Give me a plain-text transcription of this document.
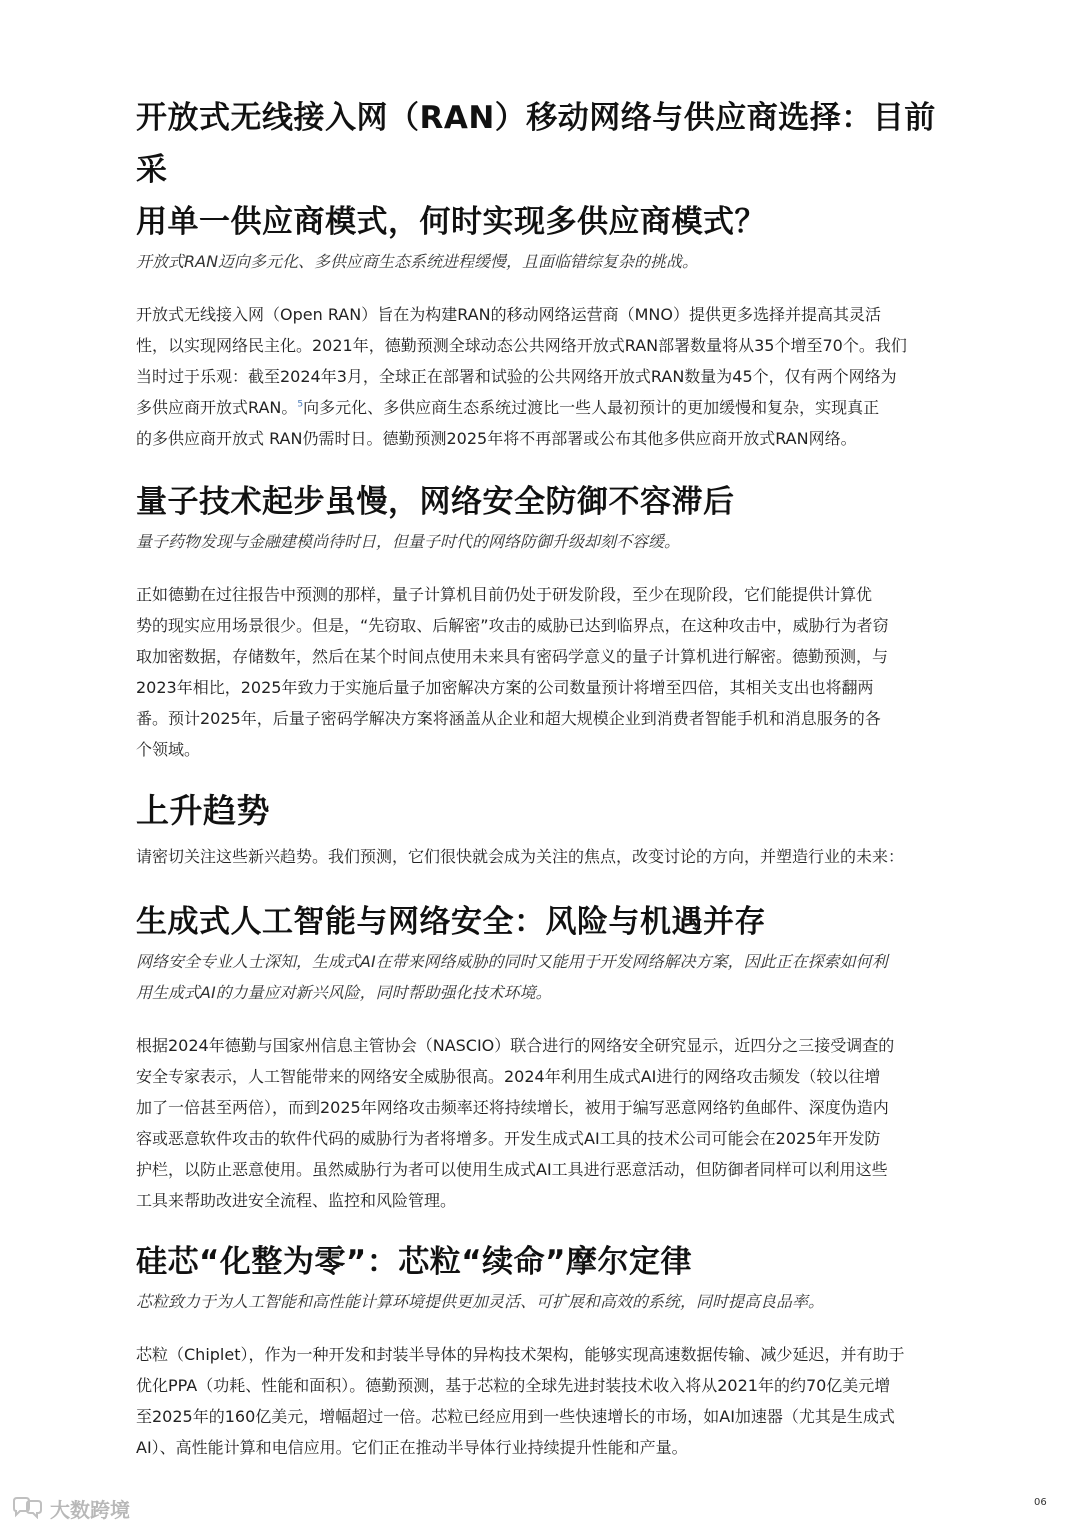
开放式无线接入网（RAN）移动网络与供应商选择：目前采
用单一供应商模式，何时实现多供应商模式？

开放式RAN迈向多元化、多供应商生态系统进程缓慢，且面临错综复杂的挑战。

开放式无线接入网（Open RAN）旨在为构建RAN的移动网络运营商（MNO）提供更多选择并提高其灵活
性，以实现网络民主化。2021年，德勤预测全球动态公共网络开放式RAN部署数量将从35个增至70个。我们
当时过于乐观：截至2024年3月，全球正在部署和试验的公共网络开放式RAN数量为45个，仅有两个网络为
多供应商开放式RAN。$^5$向多元化、多供应商生态系统过渡比一些人最初预计的更加缓慢和复杂，实现真正
的多供应商开放式 RAN仍需时日。德勤预测2025年将不再部署或公布其他多供应商开放式RAN网络。

量子技术起步虽慢，网络安全防御不容滞后

量子药物发现与金融建模尚待时日，但量子时代的网络防御升级却刻不容缓。

正如德勤在过往报告中预测的那样，量子计算机目前仍处于研发阶段，至少在现阶段，它们能提供计算优
势的现实应用场景很少。但是，“先窃取、后解密”攻击的威胁已达到临界点，在这种攻击中，威胁行为者窃
取加密数据，存储数年，然后在某个时间点使用未来具有密码学意义的量子计算机进行解密。德勤预测，与
2023年相比，2025年致力于实施后量子加密解决方案的公司数量预计将增至四倍，其相关支出也将翻两
番。预计2025年，后量子密码学解决方案将涵盖从企业和超大规模企业到消费者智能手机和消息服务的各
个领域。

上升趋势

请密切关注这些新兴趋势。我们预测，它们很快就会成为关注的焦点，改变讨论的方向，并塑造行业的未来：

生成式人工智能与网络安全：风险与机遇并存

网络安全专业人士深知，生成式AI在带来网络威胁的同时又能用于开发网络解决方案，因此正在探索如何利
用生成式AI的力量应对新兴风险，同时帮助强化技术环境。

根据2024年德勤与国家州信息主管协会（NASCIO）联合进行的网络安全研究显示，近四分之三接受调查的
安全专家表示，人工智能带来的网络安全威胁很高。2024年利用生成式AI进行的网络攻击频发（较以往增
加了一倍甚至两倍），而到2025年网络攻击频率还将持续增长，被用于编写恶意网络钓鱼邮件、深度伪造内
容或恶意软件攻击的软件代码的威胁行为者将增多。开发生成式AI工具的技术公司可能会在2025年开发防
护栏，以防止恶意使用。虽然威胁行为者可以使用生成式AI工具进行恶意活动，但防御者同样可以利用这些
工具来帮助改进安全流程、监控和风险管理。

硅芯“化整为零”：芯粒“续命”摩尔定律

芯粒致力于为人工智能和高性能计算环境提供更加灵活、可扩展和高效的系统，同时提高良品率。

芯粒（Chiplet），作为一种开发和封装半导体的异构技术架构，能够实现高速数据传输、减少延迟，并有助于
优化PPA（功耗、性能和面积）。德勤预测，基于芯粒的全球先进封装技术收入将从2021年的约70亿美元增
至2025年的160亿美元，增幅超过一倍。芯粒已经应用到一些快速增长的市场，如AI加速器（尤其是生成式
AI）、高性能计算和电信应用。它们正在推动半导体行业持续提升性能和产量。

大数跨境	06
